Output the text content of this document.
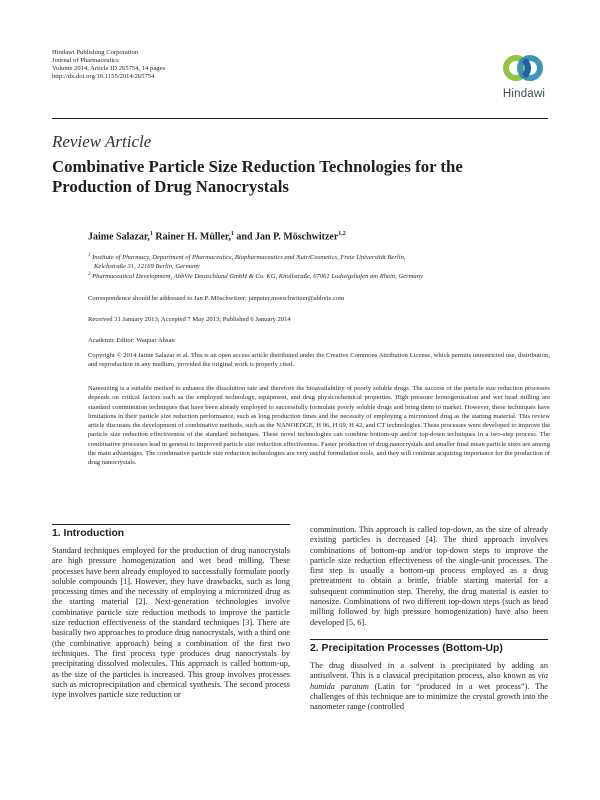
Hindawi Publishing Corporation
Journal of Pharmaceutics
Volume 2014, Article ID 265754, 14 pages
http://dx.doi.org/10.1155/2014/265754
Hindawi
Review Article
Combinative Particle Size Reduction Technologies for the Production of Drug Nanocrystals
Jaime Salazar,$^1$ Rainer H. Müller,$^1$ and Jan P. Möschwitzer$^{1,2}$
$^1$ Institute of Pharmacy, Department of Pharmaceutics, Biopharmaceutics and NutriCosmetics, Freie Universität Berlin,
Kelchstraße 31, 12169 Berlin, Germany
$^2$ Pharmaceutical Development, AbbVie Deutschland GmbH & Co. KG, Knollstraße, 67061 Ludwigshafen am Rhein, Germany
Correspondence should be addressed to Jan P. Möschwitzer; janpeter.moeschwitzer@abbvie.com
Received 31 January 2013; Accepted 7 May 2013; Published 6 January 2014
Academic Editor: Waquar Ahsan
Copyright © 2014 Jaime Salazar et al. This is an open access article distributed under the Creative Commons Attribution License, which permits unrestricted use, distribution, and reproduction in any medium, provided the original work is properly cited.
Nanosizing is a suitable method to enhance the dissolution rate and therefore the bioavailability of poorly soluble drugs. The success of the particle size reduction processes depends on critical factors such as the employed technology, equipment, and drug physicochemical properties. High pressure homogenization and wet bead milling are standard comminution techniques that have been already employed to successfully formulate poorly soluble drugs and bring them to market. However, these techniques have limitations in their particle size reduction performance, such as long production times and the necessity of employing a micronized drug as the starting material. This review article discusses the development of combinative methods, such as the NANOEDGE, H 96, H 69, H 42, and CT technologies. These processes were developed to improve the particle size reduction effectiveness of the standard techniques. These novel technologies can combine bottom-up and/or top-down techniques in a two-step process. The combinative processes lead in general to improved particle size reduction effectiveness. Faster production of drug nanocrystals and smaller final mean particle sizes are among the main advantages. The combinative particle size reduction technologies are very useful formulation tools, and they will continue acquiring importance for the production of drug nanocrystals.
1. Introduction

Standard techniques employed for the production of drug nanocrystals are high pressure homogenization and wet bead milling. These processes have been already employed to successfully formulate poorly soluble compounds [1]. However, they have drawbacks, such as long processing times and the necessity of employing a micronized drug as the starting material [2]. Next-generation technologies involve combinative particle size reduction methods to improve the particle size reduction effectiveness of the standard techniques [3]. There are basically two approaches to produce drug nanocrystals, with a third one (the combinative approach) being a combination of the first two techniques. The first process type produces drug nanocrystals by precipitating dissolved molecules. This approach is called bottom-up, as the size of the particles is increased. This group involves processes such as microprecipitation and chemical synthesis. The second process type involves particle size reduction or

comminution. This approach is called top-down, as the size of already existing particles is decreased [4]. The third approach involves combinations of bottom-up and/or top-down steps to improve the particle size reduction effectiveness of the single-unit processes. The first step is usually a bottom-up process employed as a drug pretreatment to obtain a brittle, friable starting material for a subsequent comminution step. Thereby, the drug material is easier to nanosize. Combinations of two different top-down steps (such as bead milling followed by high pressure homogenization) have also been developed [5, 6].

2. Precipitation Processes (Bottom-Up)

The drug dissolved in a solvent is precipitated by adding an antisolvent. This is a classical precipitation process, also known as via humida paratum (Latin for “produced in a wet process”). The challenges of this technique are to minimize the crystal growth into the nanometer range (controlled
